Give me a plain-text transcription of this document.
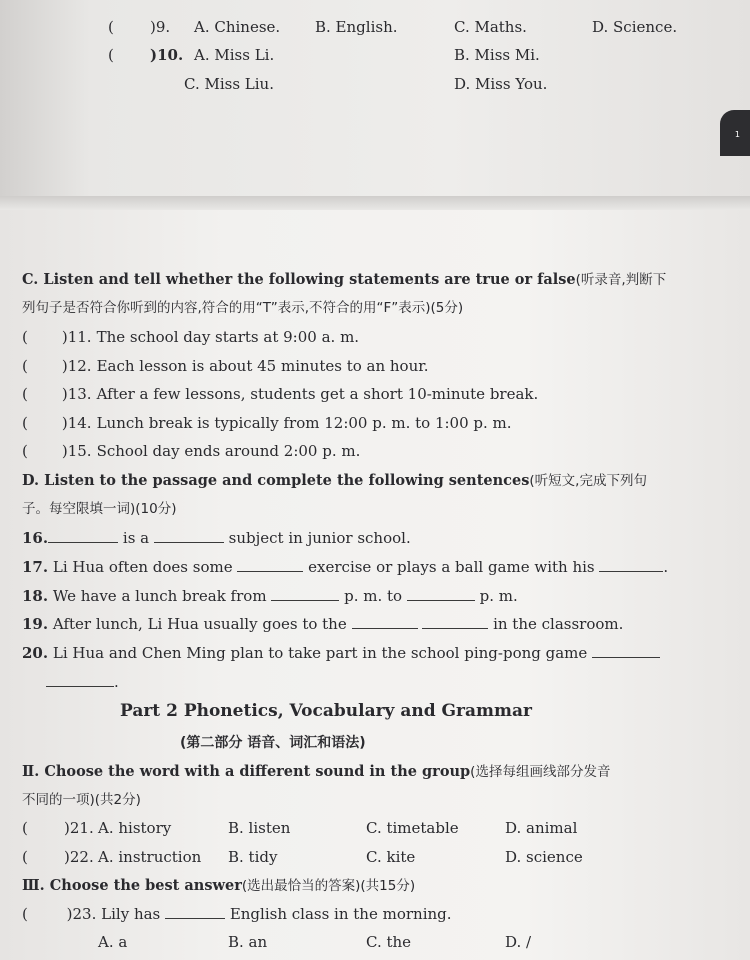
( )9. A. Chinese. B. English.	C. Maths.	D. Science.
( )10. A. Miss Li.	B. Miss Mi.
C. Miss Liu.	D. Miss You.
1
C. Listen and tell whether the following statements are true or false(听录音,判断下
列句子是否符合你听到的内容,符合的用“T”表示,不符合的用“F”表示)(5分)
( )11. The school day starts at 9:00 a. m.
( )12. Each lesson is about 45 minutes to an hour.
( )13. After a few lessons, students get a short 10-minute break.
( )14. Lunch break is typically from 12:00 p. m. to 1:00 p. m.
( )15. School day ends around 2:00 p. m.
D. Listen to the passage and complete the following sentences(听短文,完成下列句
子。每空限填一词)(10分)
16.	is a	subject in junior school.
17. Li Hua often does some	exercise or plays a ball game with his	.
18. We have a lunch break from	p. m. to	p. m.
19. After lunch, Li Hua usually goes to the	in the classroom.
20. Li Hua and Chen Ming plan to take part in the school ping-pong game
.
Part 2 Phonetics, Vocabulary and Grammar
(第二部分 语音、词汇和语法)
Ⅱ. Choose the word with a different sound in the group(选择每组画线部分发音
不同的一项)(共2分)
( )21. A. history	B. listen	C. timetable	D. animal
( )22. A. instruction B. tidy	C. kite	D. science
Ⅲ. Choose the best answer(选出最恰当的答案)(共15分)
(	)23. Lily has	English class in the morning.
A. a	B. an	C. the	D. /
